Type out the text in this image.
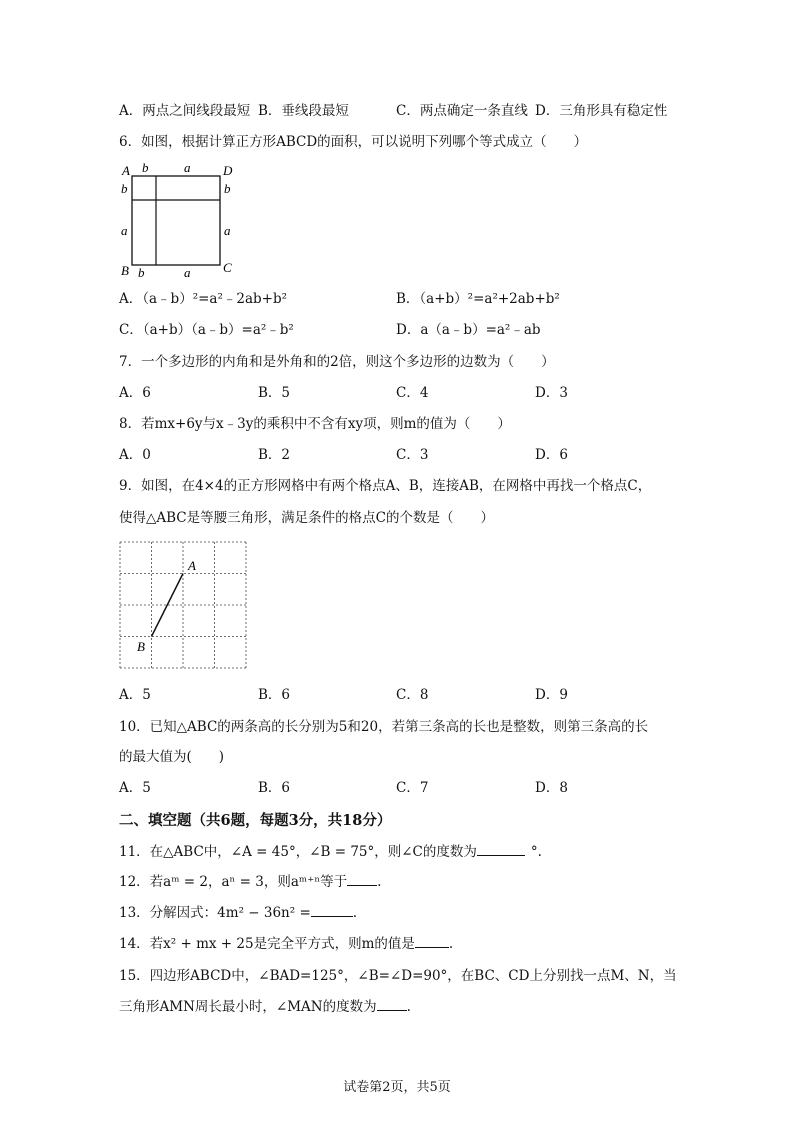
A．两点之间线段最短 B．垂线段最短	C．两点确定一条直线 D．三角形具有稳定性
6．如图，根据计算正方形ABCD的面积，可以说明下列哪个等式成立（　　）
A	D
B	C
b	a
b	a
b
a
b
a
A．（a﹣b）²=a²﹣2ab+b²	B．（a+b）²=a²+2ab+b²
C．（a+b）（a﹣b）=a²﹣b²	D．a（a﹣b）=a²﹣ab
7．一个多边形的内角和是外角和的2倍，则这个多边形的边数为（　　）
A．6	B．5	C．4	D．3
8．若mx+6y与x﹣3y的乘积中不含有xy项，则m的值为（　　）
A．0	B．2	C．3	D．6
9．如图，在4×4的正方形网格中有两个格点A、B，连接AB，在网格中再找一个格点C，
使得△ABC是等腰三角形，满足条件的格点C的个数是（　　）
A
B
A．5	B．6	C．8	D．9
10．已知△ABC的两条高的长分别为5和20，若第三条高的长也是整数，则第三条高的长
的最大值为(　　)
A．5	B．6	C．7	D．8
二、填空题（共6题，每题3分，共18分）
11．在△ABC中，∠A = 45°，∠B = 75°，则∠C的度数为	°.
12．若aᵐ = 2，aⁿ = 3，则aᵐ⁺ⁿ等于 .
13．分解因式：4m² − 36n² =	.
14．若x² + mx + 25是完全平方式，则m的值是	.
15．四边形ABCD中，∠BAD=125°，∠B=∠D=90°，在BC、CD上分别找一点M、N，当
三角形AMN周长最小时，∠MAN的度数为 .
试卷第2页，共5页
